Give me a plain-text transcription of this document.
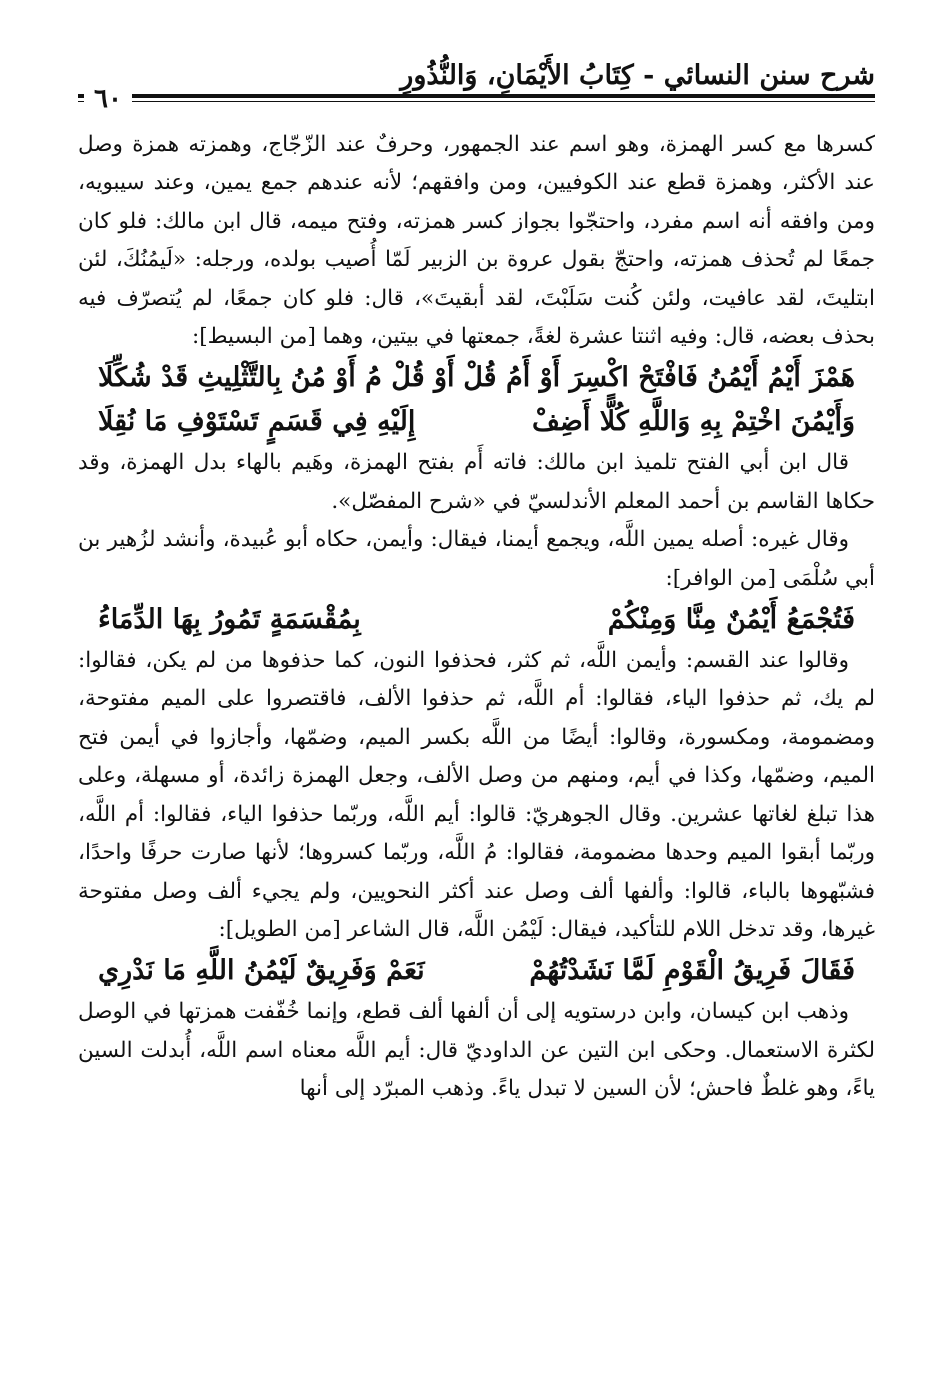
شرح سنن النسائي - كِتَابُ الأَيْمَانِ، وَالنُّذُورِ
٦٠

كسرها مع كسر الهمزة، وهو اسم عند الجمهور، وحرفٌ عند الزّجّاج، وهمزته همزة وصل عند الأكثر، وهمزة قطع عند الكوفيين، ومن وافقهم؛ لأنه عندهم جمع يمين، وعند سيبويه، ومن وافقه أنه اسم مفرد، واحتجّوا بجواز كسر همزته، وفتح ميمه، قال ابن مالك: فلو كان جمعًا لم تُحذف همزته، واحتجّ بقول عروة بن الزبير لَمّا أُصيب بولده، ورجله: «لَيمُنُكَ، لئن ابتليتَ، لقد عافيت، ولئن كُنت سَلَبْتَ، لقد أبقيتَ»، قال: فلو كان جمعًا، لم يُتصرّف فيه بحذف بعضه، قال: وفيه اثنتا عشرة لغةً، جمعتها في بيتين، وهما [من البسيط]:

هَمْزَ أَيْمُ أَيْمُنُ فَافْتَحْ اكْسِرَ أَوْ أَمُ قُلْ
أَوْ قُلْ مُ أَوْ مُنُ بِالتَّثْلِيثِ قَدْ شُكِّلَا
وَأَيْمُنَ اخْتِمْ بِهِ وَاللَّهِ كُلًّا أَضِفْ
إِلَيْهِ فِي قَسَمٍ تَسْتَوْفِ مَا نُقِلَا

قال ابن أبي الفتح تلميذ ابن مالك: فاته أَم بفتح الهمزة، وهَيم بالهاء بدل الهمزة، وقد حكاها القاسم بن أحمد المعلم الأندلسيّ في «شرح المفصّل».

وقال غيره: أصله يمين اللَّه، ويجمع أيمنا، فيقال: وأيمن، حكاه أبو عُبيدة، وأنشد لزُهير بن أبي سُلْمَى [من الوافر]:

فَتُجْمَعُ أَيْمُنٌ مِنَّا وَمِنْكُمْ
بِمُقْسَمَةٍ تَمُورُ بِهَا الدِّمَاءُ

وقالوا عند القسم: وأيمن اللَّه، ثم كثر، فحذفوا النون، كما حذفوها من لم يكن، فقالوا: لم يك، ثم حذفوا الياء، فقالوا: أم اللَّه، ثم حذفوا الألف، فاقتصروا على الميم مفتوحة، ومضمومة، ومكسورة، وقالوا: أيضًا من اللَّه بكسر الميم، وضمّها، وأجازوا في أيمن فتح الميم، وضمّها، وكذا في أيم، ومنهم من وصل الألف، وجعل الهمزة زائدة، أو مسهلة، وعلى هذا تبلغ لغاتها عشرين. وقال الجوهريّ: قالوا: أيم اللَّه، وربّما حذفوا الياء، فقالوا: أم اللَّه، وربّما أبقوا الميم وحدها مضمومة، فقالوا: مُ اللَّه، وربّما كسروها؛ لأنها صارت حرفًا واحدًا، فشبّهوها بالباء، قالوا: وألفها ألف وصل عند أكثر النحويين، ولم يجيء ألف وصل مفتوحة غيرها، وقد تدخل اللام للتأكيد، فيقال: لَيْمُن اللَّه، قال الشاعر [من الطويل]:

فَقَالَ فَرِيقُ الْقَوْمِ لَمَّا نَشَدْتُهُمْ
نَعَمْ وَفَرِيقٌ لَيْمُنُ اللَّهِ مَا نَدْرِي

وذهب ابن كيسان، وابن درستويه إلى أن ألفها ألف قطع، وإنما خُفّفت همزتها في الوصل لكثرة الاستعمال. وحكى ابن التين عن الداوديّ قال: أيم اللَّه معناه اسم اللَّه، أُبدلت السين ياءً، وهو غلطٌ فاحش؛ لأن السين لا تبدل ياءً. وذهب المبرّد إلى أنها
